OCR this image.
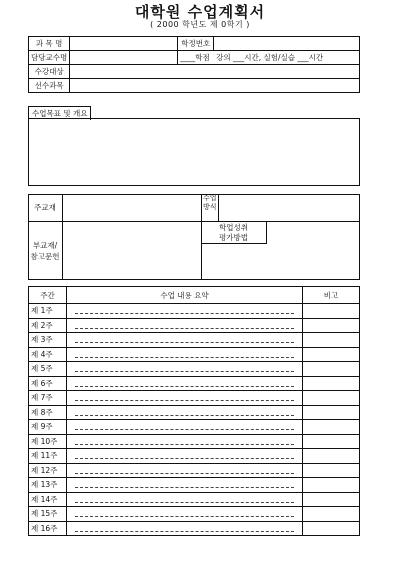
대학원 수업계획서
( 2000 학년도 제 0학기 )
과 목 명		학정번호	
담당교수명		____학점 강의 ___시간, 실험/실습 ___시간	
수강대상			
선수과목			
수업목표 및 개요
주교재
수업
방식
부교재/
참고문헌
학업성취
평가방법
주간	수업 내용 요약	비고
제 1주	

제 2주	

제 3주	

제 4주	

제 5주	

제 6주	

제 7주	

제 8주	

제 9주	

제 10주	

제 11주	

제 12주	

제 13주	

제 14주	

제 15주	

제 16주	
